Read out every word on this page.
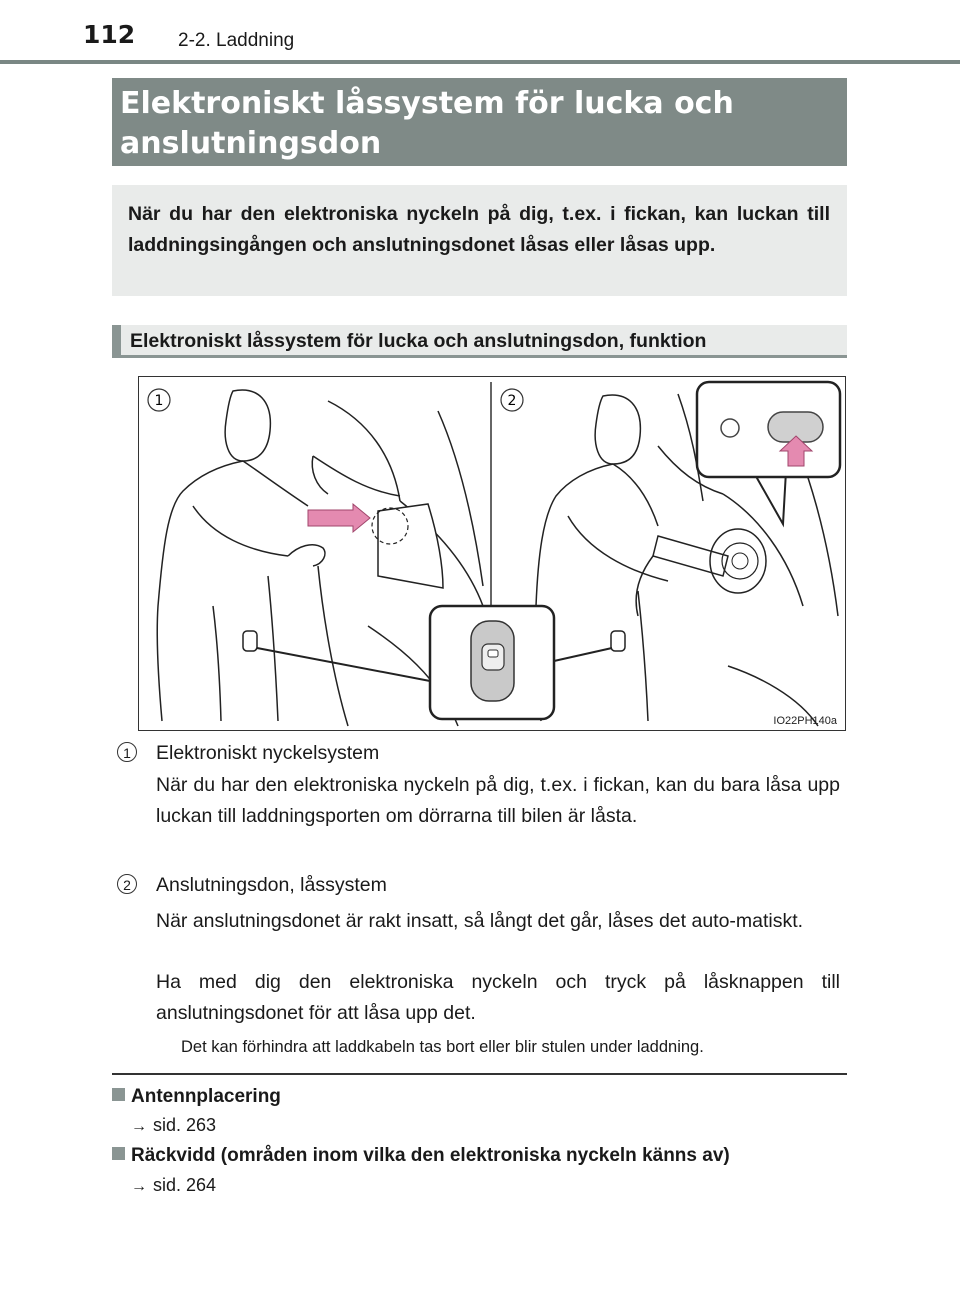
112 2-2. Laddning
Elektroniskt låssystem för lucka och
anslutningsdon
När du har den elektroniska nyckeln på dig, t.ex. i fickan, kan luckan till laddningsingången och anslutningsdonet låsas eller låsas upp.
Elektroniskt låssystem för lucka och anslutningsdon, funktion
1	2
IO22PH140a
1	Elektroniskt nyckelsystem
När du har den elektroniska nyckeln på dig, t.ex. i fickan, kan du bara låsa upp luckan till laddningsporten om dörrarna till bilen är låsta.
2	Anslutningsdon, låssystem
När anslutningsdonet är rakt insatt, så långt det går, låses det auto-matiskt.
Ha med dig den elektroniska nyckeln och tryck på låsknappen till anslutningsdonet för att låsa upp det.
Det kan förhindra att laddkabeln tas bort eller blir stulen under laddning.
Antennplacering
→ sid. 263
Räckvidd (områden inom vilka den elektroniska nyckeln känns av)
→ sid. 264
